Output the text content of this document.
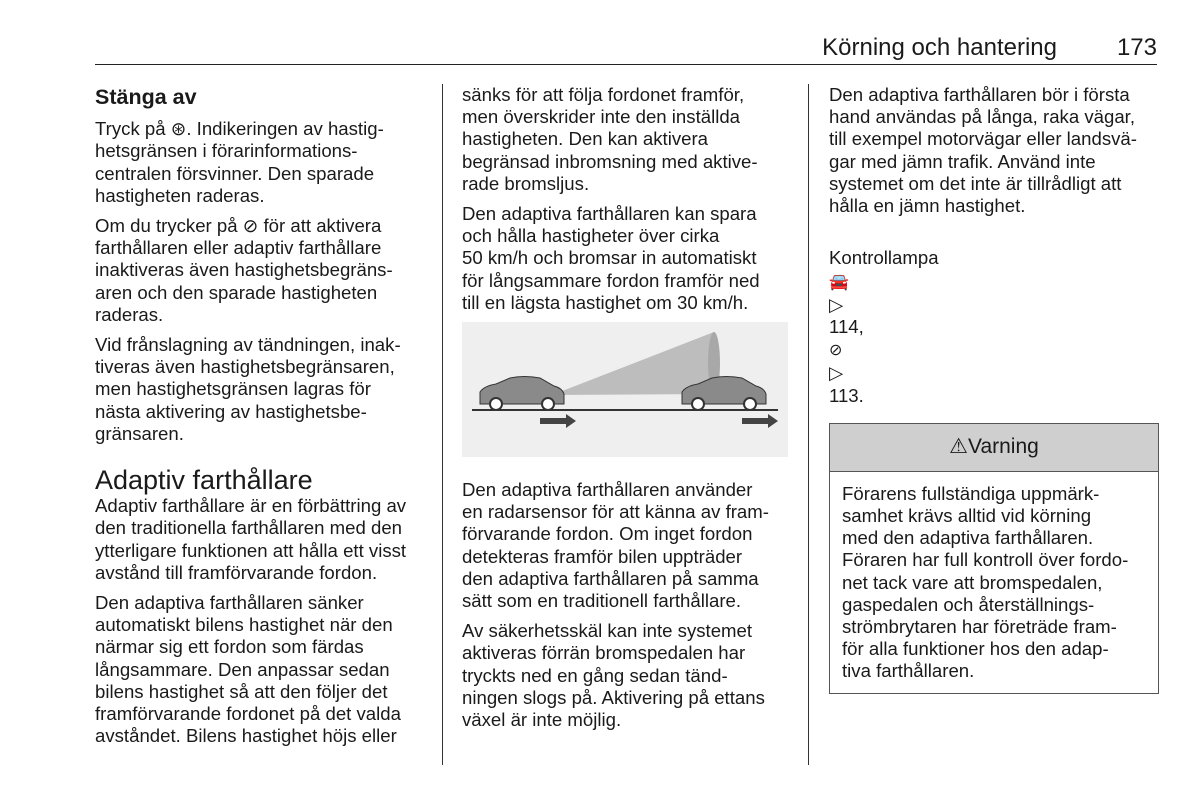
Körning och hantering 173
Stänga av

Tryck på ⊛. Indikeringen av hastig-
hetsgränsen i förarinformations-
centralen försvinner. Den sparade
hastigheten raderas.

Om du trycker på ⊘ för att aktivera
farthållaren eller adaptiv farthållare
inaktiveras även hastighetsbegräns-
aren och den sparade hastigheten
raderas.

Vid frånslagning av tändningen, inak-
tiveras även hastighetsbegränsaren,
men hastighetsgränsen lagras för
nästa aktivering av hastighetsbe-
gränsaren.

Adaptiv farthållare

Adaptiv farthållare är en förbättring av
den traditionella farthållaren med den
ytterligare funktionen att hålla ett visst
avstånd till framförvarande fordon.

Den adaptiva farthållaren sänker
automatiskt bilens hastighet när den
närmar sig ett fordon som färdas
långsammare. Den anpassar sedan
bilens hastighet så att den följer det
framförvarande fordonet på det valda
avståndet. Bilens hastighet höjs eller

sänks för att följa fordonet framför,
men överskrider inte den inställda
hastigheten. Den kan aktivera
begränsad inbromsning med aktive-
rade bromsljus.

Den adaptiva farthållaren kan spara
och hålla hastigheter över cirka
50 km/h och bromsar in automatiskt
för långsammare fordon framför ned
till en lägsta hastighet om 30 km/h.

Den adaptiva farthållaren använder
en radarsensor för att känna av fram-
förvarande fordon. Om inget fordon
detekteras framför bilen uppträder
den adaptiva farthållaren på samma
sätt som en traditionell farthållare.

Av säkerhetsskäl kan inte systemet
aktiveras förrän bromspedalen har
tryckts ned en gång sedan tänd-
ningen slogs på. Aktivering på ettans
växel är inte möjlig.

Den adaptiva farthållaren bör i första
hand användas på långa, raka vägar,
till exempel motorvägar eller landsvä-
gar med jämn trafik. Använd inte
systemet om det inte är tillrådligt att
hålla en jämn hastighet.

Kontrollampa
🚘
▷
114,
⊘
▷
113.

⚠Varning
Förarens fullständiga uppmärk-
samhet krävs alltid vid körning
med den adaptiva farthållaren.
Föraren har full kontroll över fordo-
net tack vare att bromspedalen,
gaspedalen och återställnings-
strömbrytaren har företräde fram-
för alla funktioner hos den adap-
tiva farthållaren.
